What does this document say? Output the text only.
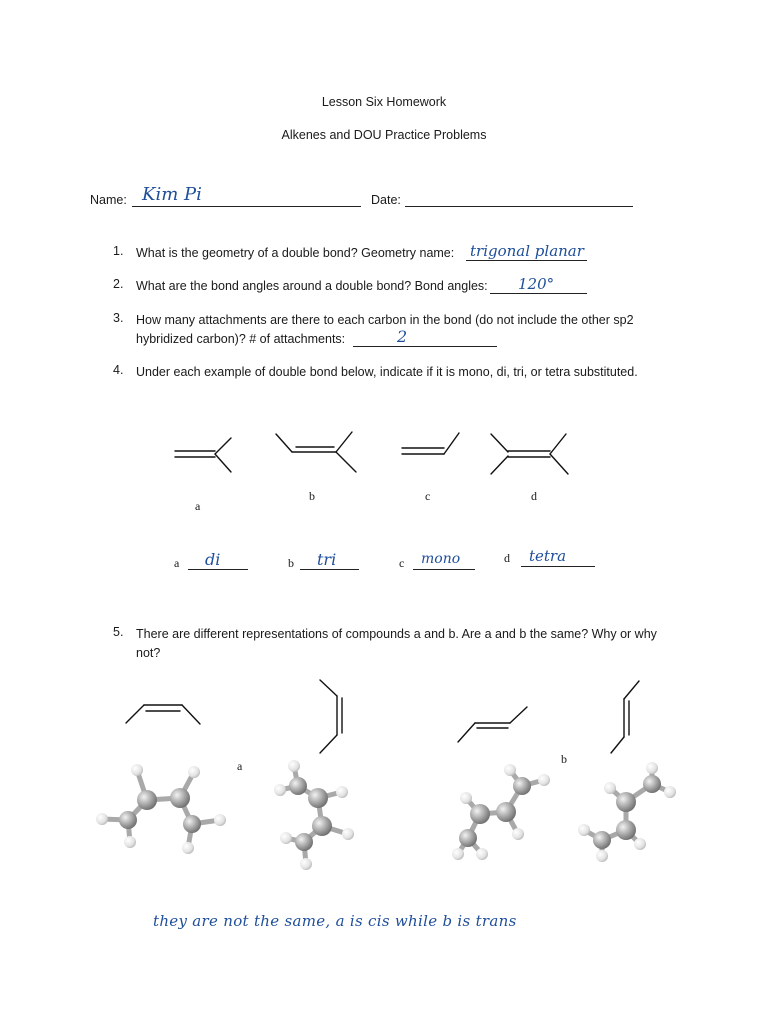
Lesson Six Homework
Alkenes and DOU Practice Problems
Name: Kim Pi	Date:
1.	What is the geometry of a double bond? Geometry name: trigonal planar
2.	What are the bond angles around a double bond? Bond angles: 120°
3.	How many attachments are there to each carbon in the bond (do not include the other sp2
hybridized carbon)? # of attachments:	2
4.	Under each example of double bond below, indicate if it is mono, di, tri, or tetra substituted.
a
b	c	d
a di	b tri	c mono	d tetra
5.	There are different representations of compounds a and b. Are a and b the same? Why or why
not?
a	b
they are not the same, a is cis while b is trans
